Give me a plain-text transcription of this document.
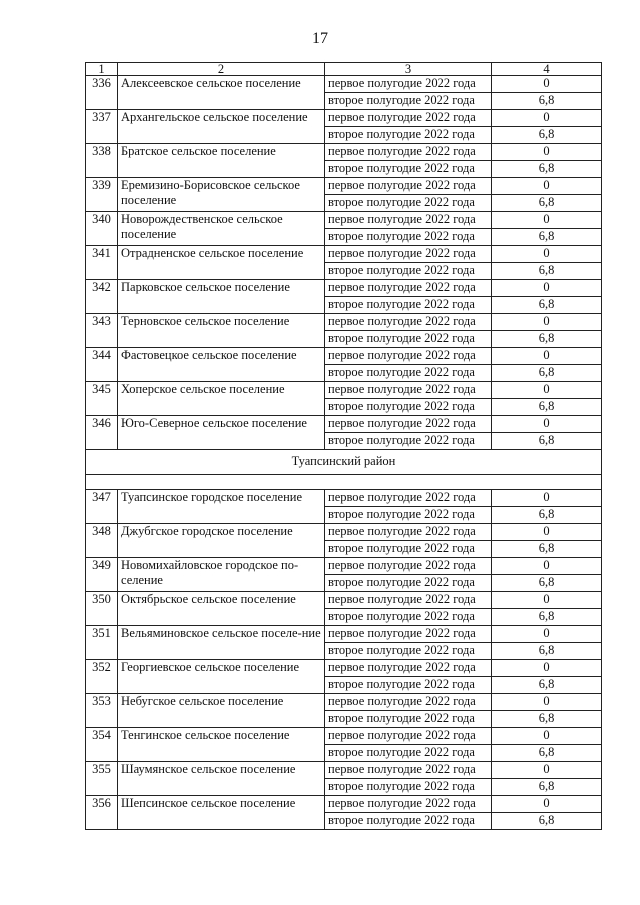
17
1	2	3	4
336	Алексеевское сельское поселение	первое полугодие 2022 года	0
		второе полугодие 2022 года	6,8
337	Архангельское сельское поселение	первое полугодие 2022 года	0
		второе полугодие 2022 года	6,8
338	Братское сельское поселение	первое полугодие 2022 года	0
		второе полугодие 2022 года	6,8
339	Еремизино-Борисовское сельское поселение	первое полугодие 2022 года	0
		второе полугодие 2022 года	6,8
340	Новорождественское сельское поселение	первое полугодие 2022 года	0
		второе полугодие 2022 года	6,8
341	Отрадненское сельское поселение	первое полугодие 2022 года	0
		второе полугодие 2022 года	6,8
342	Парковское сельское поселение	первое полугодие 2022 года	0
		второе полугодие 2022 года	6,8
343	Терновское сельское поселение	первое полугодие 2022 года	0
		второе полугодие 2022 года	6,8
344	Фастовецкое сельское поселение	первое полугодие 2022 года	0
		второе полугодие 2022 года	6,8
345	Хоперское сельское поселение	первое полугодие 2022 года	0
		второе полугодие 2022 года	6,8
346	Юго-Северное сельское поселение	первое полугодие 2022 года	0
		второе полугодие 2022 года	6,8
Туапсинский район			

347	Туапсинское городское поселение	первое полугодие 2022 года	0
		второе полугодие 2022 года	6,8
348	Джубгское городское поселение	первое полугодие 2022 года	0
		второе полугодие 2022 года	6,8
349	Новомихайловское городское по-селение	первое полугодие 2022 года	0
		второе полугодие 2022 года	6,8
350	Октябрьское сельское поселение	первое полугодие 2022 года	0
		второе полугодие 2022 года	6,8
351	Вельяминовское сельское поселе-ние	первое полугодие 2022 года	0
		второе полугодие 2022 года	6,8
352	Георгиевское сельское поселение	первое полугодие 2022 года	0
		второе полугодие 2022 года	6,8
353	Небугское сельское поселение	первое полугодие 2022 года	0
		второе полугодие 2022 года	6,8
354	Тенгинское сельское поселение	первое полугодие 2022 года	0
		второе полугодие 2022 года	6,8
355	Шаумянское сельское поселение	первое полугодие 2022 года	0
		второе полугодие 2022 года	6,8
356	Шепсинское сельское поселение	первое полугодие 2022 года	0
		второе полугодие 2022 года	6,8
